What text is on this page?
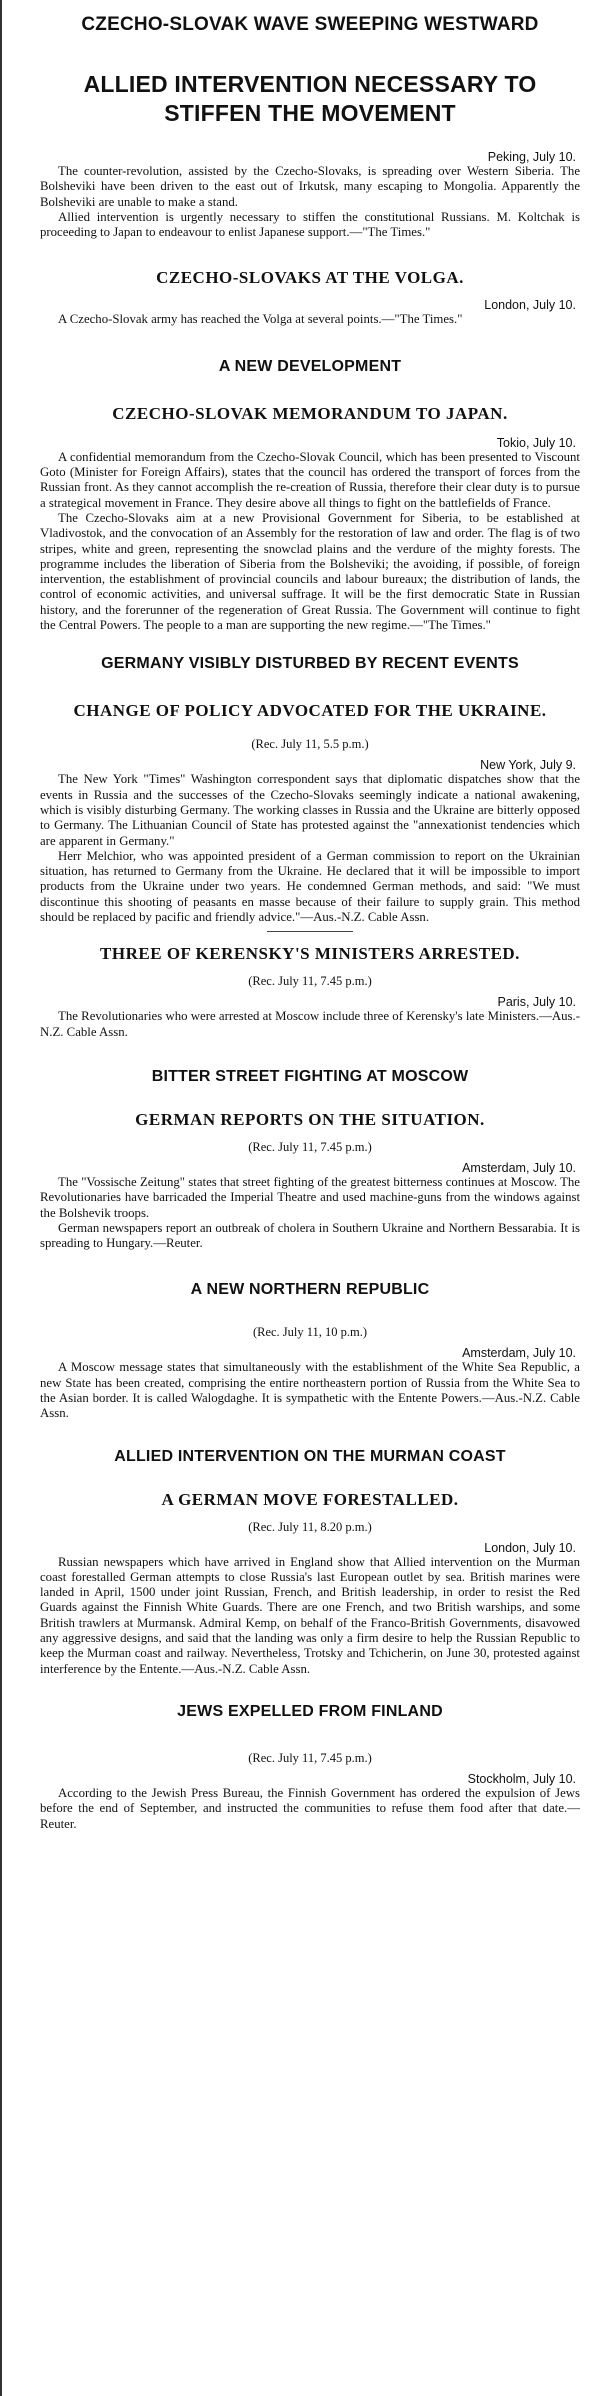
CZECHO-SLOVAK WAVE SWEEPING WESTWARD
ALLIED INTERVENTION NECESSARY TO STIFFEN THE MOVEMENT
Peking, July 10.

The counter-revolution, assisted by the Czecho-Slovaks, is spreading over Western Siberia. The Bolsheviki have been driven to the east out of Irkutsk, many escaping to Mongolia. Apparently the Bolsheviki are unable to make a stand.

Allied intervention is urgently necessary to stiffen the constitutional Russians. M. Koltchak is proceeding to Japan to endeavour to enlist Japanese support.—"The Times."

CZECHO-SLOVAKS AT THE VOLGA.
London, July 10.

A Czecho-Slovak army has reached the Volga at several points.—"The Times."

A NEW DEVELOPMENT
CZECHO-SLOVAK MEMORANDUM TO JAPAN.
Tokio, July 10.

A confidential memorandum from the Czecho-Slovak Council, which has been presented to Viscount Goto (Minister for Foreign Affairs), states that the council has ordered the transport of forces from the Russian front. As they cannot accomplish the re-creation of Russia, therefore their clear duty is to pursue a strategical movement in France. They desire above all things to fight on the battlefields of France.

The Czecho-Slovaks aim at a new Provisional Government for Siberia, to be established at Vladivostok, and the convocation of an Assembly for the restoration of law and order. The flag is of two stripes, white and green, representing the snowclad plains and the verdure of the mighty forests. The programme includes the liberation of Siberia from the Bolsheviki; the avoiding, if possible, of foreign intervention, the establishment of provincial councils and labour bureaux; the distribution of lands, the control of economic activities, and universal suffrage. It will be the first democratic State in Russian history, and the forerunner of the regeneration of Great Russia. The Government will continue to fight the Central Powers. The people to a man are supporting the new regime.—"The Times."

GERMANY VISIBLY DISTURBED BY RECENT EVENTS
CHANGE OF POLICY ADVOCATED FOR THE UKRAINE.
(Rec. July 11, 5.5 p.m.)
New York, July 9.

The New York "Times" Washington correspondent says that diplomatic dispatches show that the events in Russia and the successes of the Czecho-Slovaks seemingly indicate a national awakening, which is visibly disturbing Germany. The working classes in Russia and the Ukraine are bitterly opposed to Germany. The Lithuanian Council of State has protested against the "annexationist tendencies which are apparent in Germany."

Herr Melchior, who was appointed president of a German commission to report on the Ukrainian situation, has returned to Germany from the Ukraine. He declared that it will be impossible to import products from the Ukraine under two years. He condemned German methods, and said: "We must discontinue this shooting of peasants en masse because of their failure to supply grain. This method should be replaced by pacific and friendly advice."—Aus.-N.Z. Cable Assn.

THREE OF KERENSKY'S MINISTERS ARRESTED.
(Rec. July 11, 7.45 p.m.)
Paris, July 10.

The Revolutionaries who were arrested at Moscow include three of Kerensky's late Ministers.—Aus.-N.Z. Cable Assn.

BITTER STREET FIGHTING AT MOSCOW
GERMAN REPORTS ON THE SITUATION.
(Rec. July 11, 7.45 p.m.)
Amsterdam, July 10.

The "Vossische Zeitung" states that street fighting of the greatest bitterness continues at Moscow. The Revolutionaries have barricaded the Imperial Theatre and used machine-guns from the windows against the Bolshevik troops.

German newspapers report an outbreak of cholera in Southern Ukraine and Northern Bessarabia. It is spreading to Hungary.—Reuter.

A NEW NORTHERN REPUBLIC
(Rec. July 11, 10 p.m.)
Amsterdam, July 10.

A Moscow message states that simultaneously with the establishment of the White Sea Republic, a new State has been created, comprising the entire northeastern portion of Russia from the White Sea to the Asian border. It is called Walogdaghe. It is sympathetic with the Entente Powers.—Aus.-N.Z. Cable Assn.

ALLIED INTERVENTION ON THE MURMAN COAST
A GERMAN MOVE FORESTALLED.
(Rec. July 11, 8.20 p.m.)
London, July 10.

Russian newspapers which have arrived in England show that Allied intervention on the Murman coast forestalled German attempts to close Russia's last European outlet by sea. British marines were landed in April, 1500 under joint Russian, French, and British leadership, in order to resist the Red Guards against the Finnish White Guards. There are one French, and two British warships, and some British trawlers at Murmansk. Admiral Kemp, on behalf of the Franco-British Governments, disavowed any aggressive designs, and said that the landing was only a firm desire to help the Russian Republic to keep the Murman coast and railway. Nevertheless, Trotsky and Tchicherin, on June 30, protested against interference by the Entente.—Aus.-N.Z. Cable Assn.

JEWS EXPELLED FROM FINLAND
(Rec. July 11, 7.45 p.m.)
Stockholm, July 10.

According to the Jewish Press Bureau, the Finnish Government has ordered the expulsion of Jews before the end of September, and instructed the communities to refuse them food after that date.—Reuter.
